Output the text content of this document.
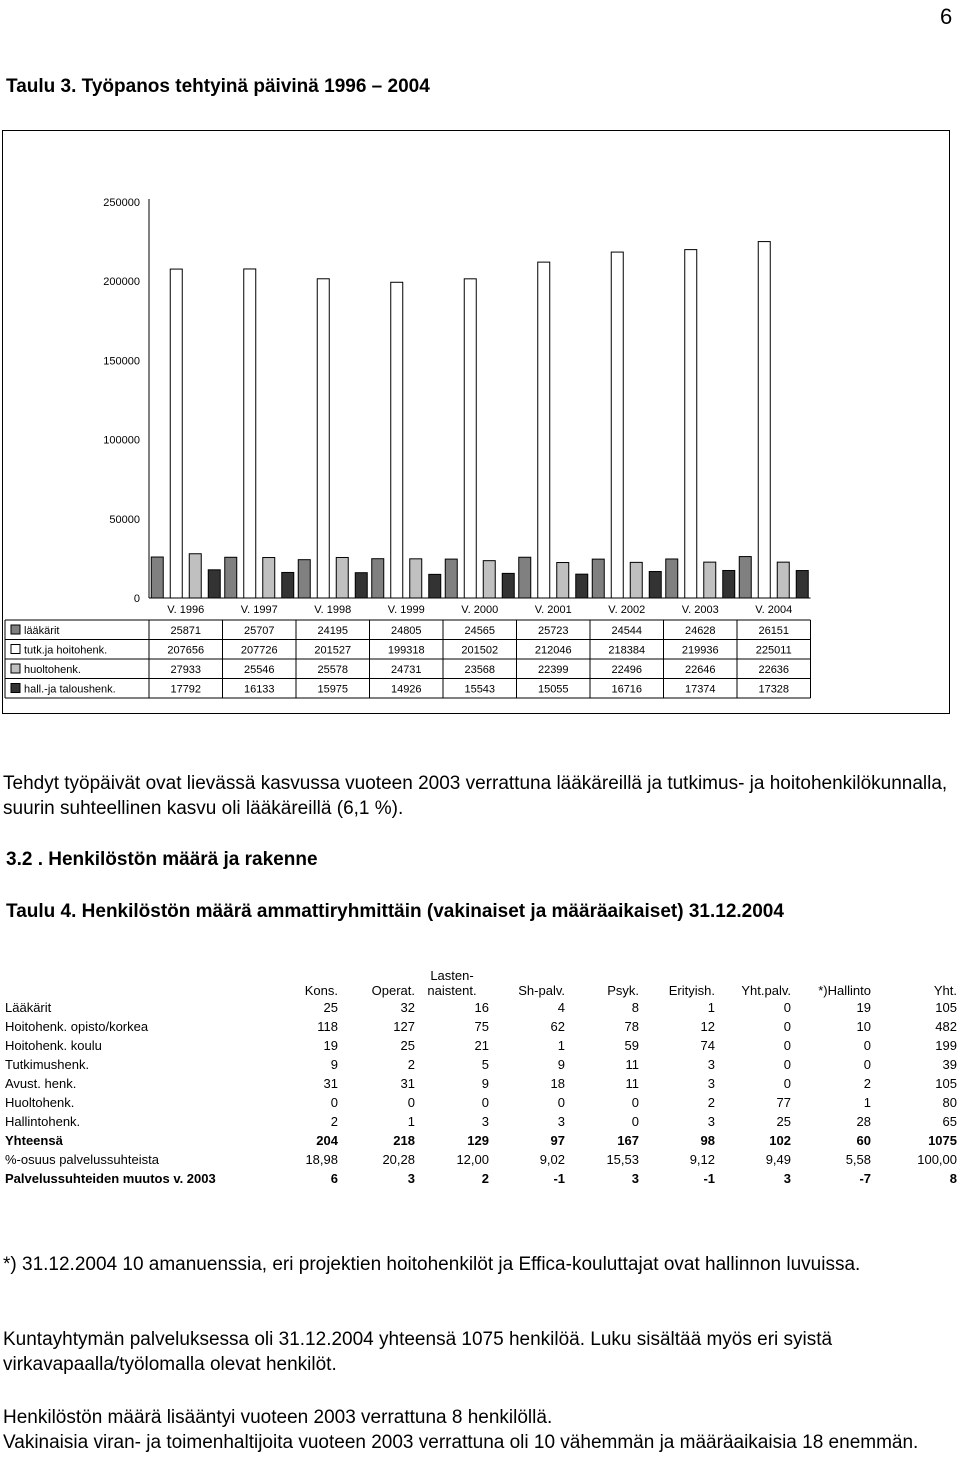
6
Taulu 3. Työpanos tehtyinä päivinä 1996 – 2004
0
50000
100000
150000
200000
250000
V. 1996	V. 1997	V. 1998	V. 1999	V. 2000	V. 2001	V. 2002	V. 2003	V. 2004
lääkärit	25871	25707	24195	24805	24565	25723	24544	24628	26151
tutk.ja hoitohenk.	207656	207726	201527	199318	201502	212046	218384	219936	225011
huoltohenk.	27933	25546	25578	24731	23568	22399	22496	22646	22636
hall.-ja taloushenk.	17792	16133	15975	14926	15543	15055	16716	17374	17328
Tehdyt työpäivät ovat lievässä kasvussa vuoteen 2003 verrattuna lääkäreillä ja tutkimus- ja hoitohenkilökunnalla, suurin suhteellinen kasvu oli lääkäreillä (6,1 %).
3.2 . Henkilöstön määrä ja rakenne
Taulu 4. Henkilöstön määrä ammattiryhmittäin (vakinaiset ja määräaikaiset) 31.12.2004
	Kons.	Operat.	Lasten- naistent.	Sh-palv.	Psyk.	Erityish.	Yht.palv.	*)Hallinto	Yht.
Lääkärit	25	32	16	4	8	1	0	19	105
Hoitohenk. opisto/korkea	118	127	75	62	78	12	0	10	482
Hoitohenk. koulu	19	25	21	1	59	74	0	0	199
Tutkimushenk.	9	2	5	9	11	3	0	0	39
Avust. henk.	31	31	9	18	11	3	0	2	105
Huoltohenk.	0	0	0	0	0	2	77	1	80
Hallintohenk.	2	1	3	3	0	3	25	28	65
Yhteensä	204	218	129	97	167	98	102	60	1075
%-osuus palvelussuhteista	18,98	20,28	12,00	9,02	15,53	9,12	9,49	5,58	100,00
Palvelussuhteiden muutos v. 2003	6	3	2	-1	3	-1	3	-7	8
*) 31.12.2004 10 amanuenssia, eri projektien hoitohenkilöt ja Effica-kouluttajat ovat hallinnon luvuissa.
Kuntayhtymän palveluksessa oli 31.12.2004 yhteensä 1075 henkilöä. Luku sisältää myös eri syistä virkavapaalla/työlomalla olevat henkilöt.
Henkilöstön määrä lisääntyi vuoteen 2003 verrattuna 8 henkilöllä.
Vakinaisia viran- ja toimenhaltijoita vuoteen 2003 verrattuna oli 10 vähemmän ja määräaikaisia 18 enemmän.
